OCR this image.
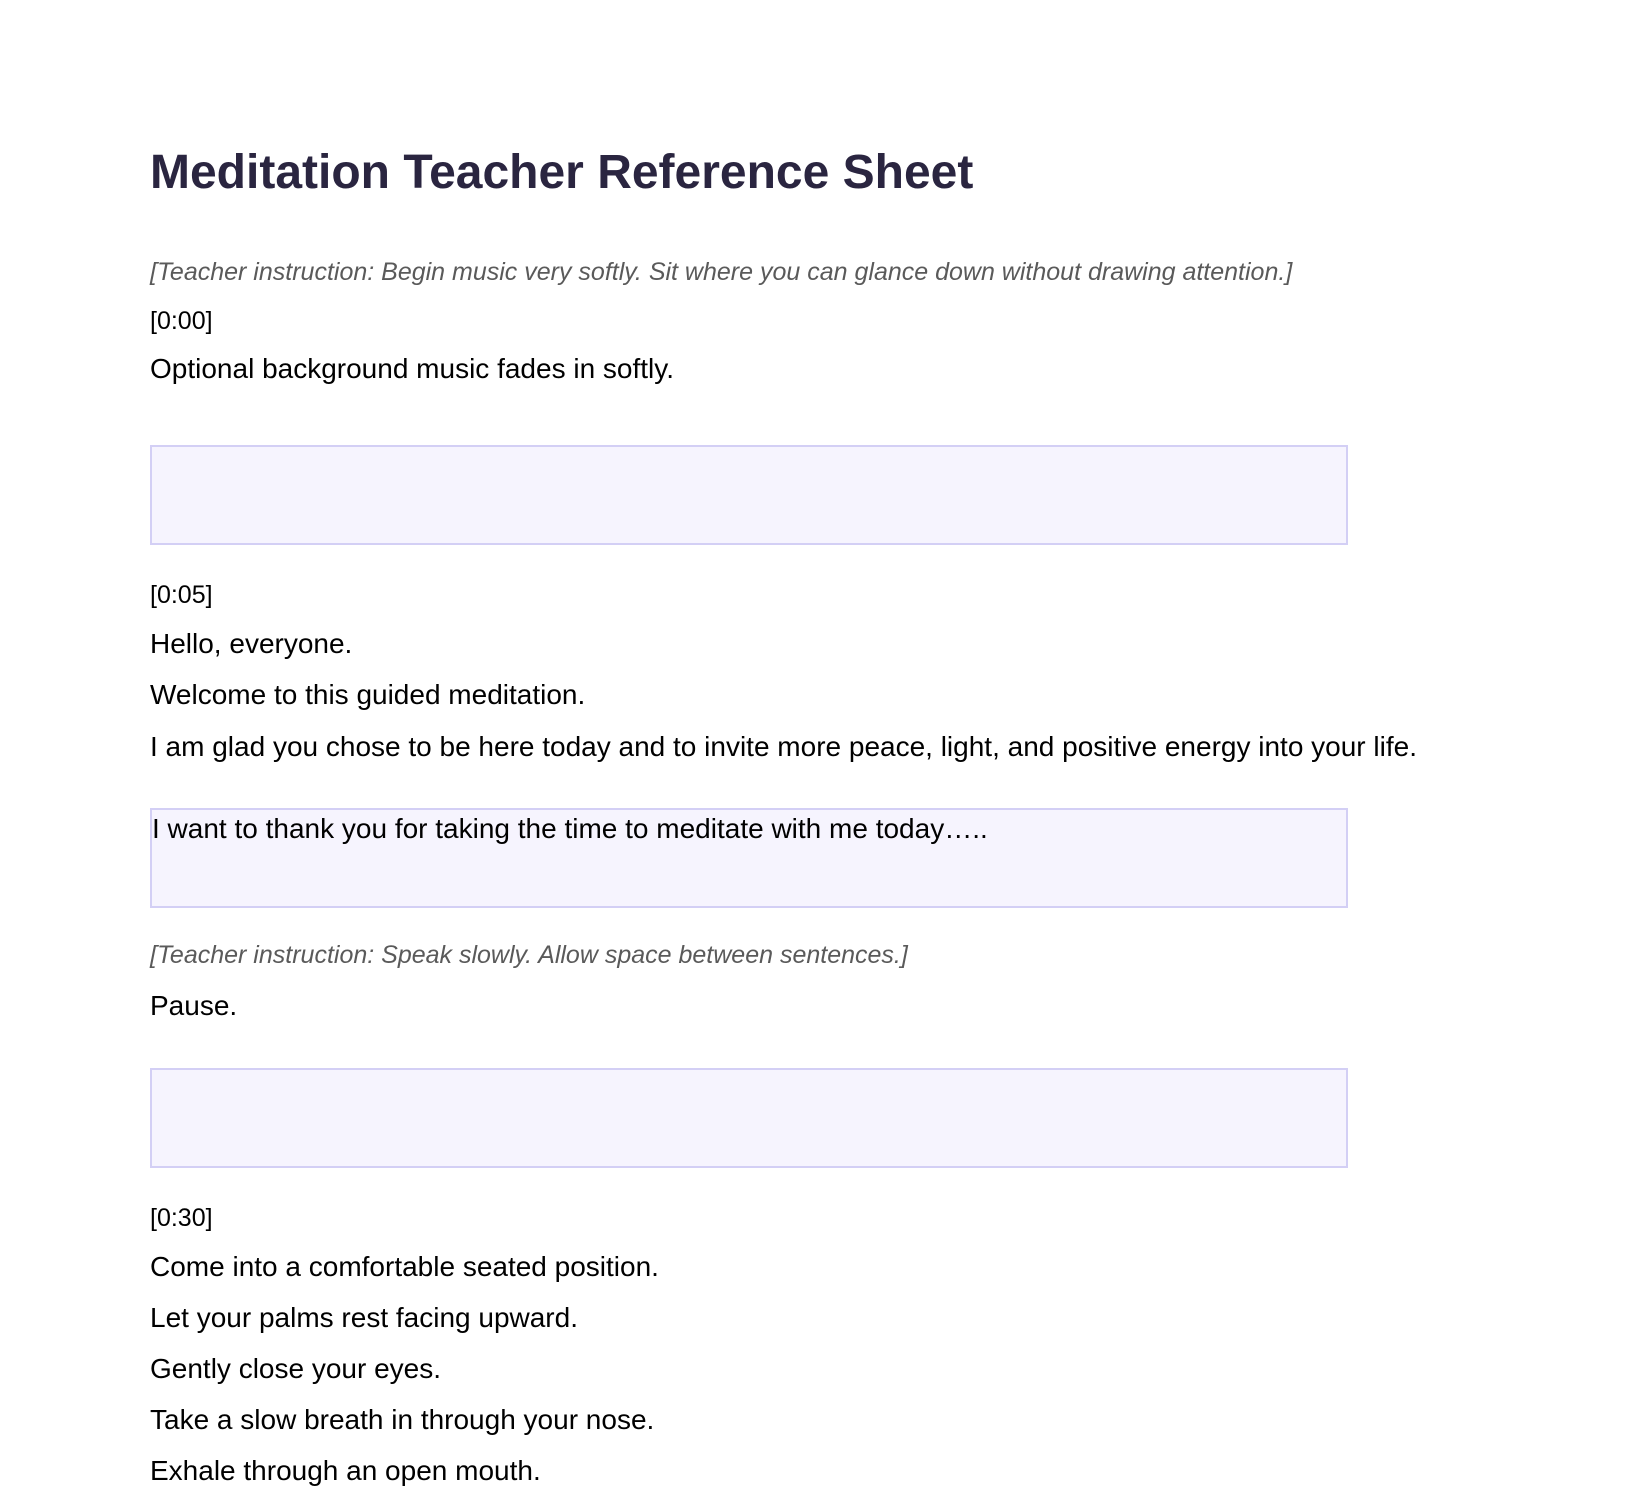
Meditation Teacher Reference Sheet

[Teacher instruction: Begin music very softly. Sit where you can glance down without drawing attention.]

[0:00]

Optional background music fades in softly.

[0:05]

Hello, everyone.

Welcome to this guided meditation.

I am glad you chose to be here today and to invite more peace, light, and positive energy into your life.

I want to thank you for taking the time to meditate with me today…..

[Teacher instruction: Speak slowly. Allow space between sentences.]

Pause.

[0:30]

Come into a comfortable seated position.

Let your palms rest facing upward.

Gently close your eyes.

Take a slow breath in through your nose.

Exhale through an open mouth.
